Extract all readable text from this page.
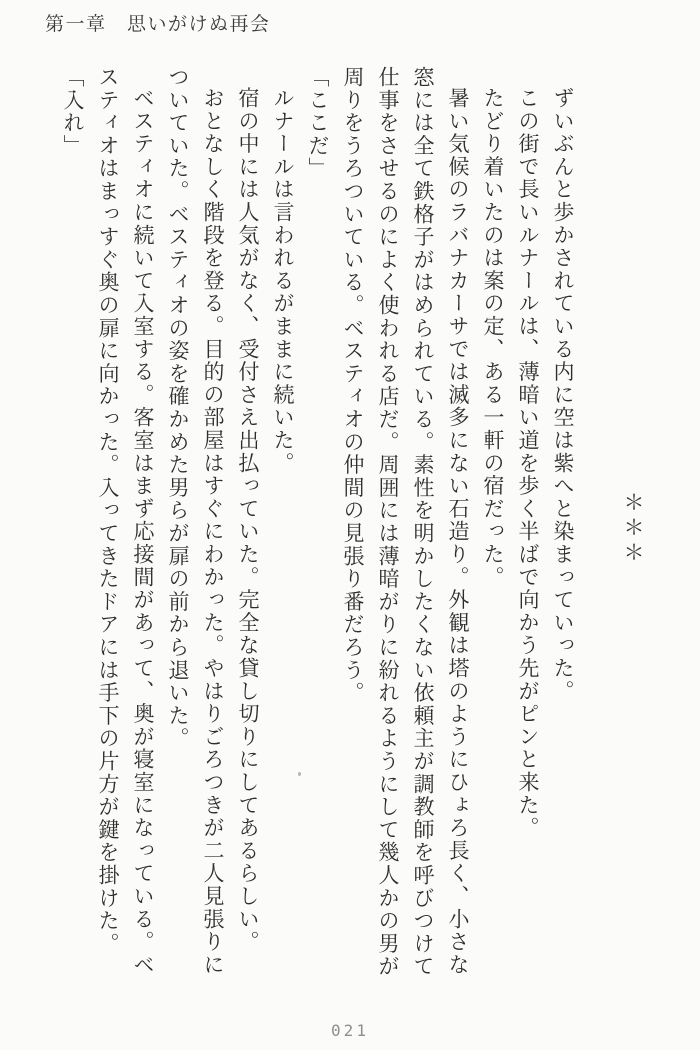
第一章　思いがけぬ再会

＊＊＊

ずいぶんと歩かされている内に空は紫へと染まっていった。

この街で長いルナールは、薄暗い道を歩く半ばで向かう先がピンと来た。

たどり着いたのは案の定、ある一軒の宿だった。

暑い気候のラバナカーサでは滅多にない石造り。外観は塔のようにひょろ長く、小さな窓には全て鉄格子がはめられている。素性を明かしたくない依頼主が調教師を呼びつけて仕事をさせるのによく使われる店だ。周囲には薄暗がりに紛れるようにして幾人かの男が周りをうろついている。ベスティオの仲間の見張り番だろう。

「ここだ」

ルナールは言われるがままに続いた。

宿の中には人気がなく、受付さえ出払っていた。完全な貸し切りにしてあるらしい。

おとなしく階段を登る。目的の部屋はすぐにわかった。やはりごろつきが二人見張りについていた。ベスティオの姿を確かめた男らが扉の前から退いた。

ベスティオに続いて入室する。客室はまず応接間があって、奥が寝室になっている。ベスティオはまっすぐ奥の扉に向かった。入ってきたドアには手下の片方が鍵を掛けた。

「入れ」

021
